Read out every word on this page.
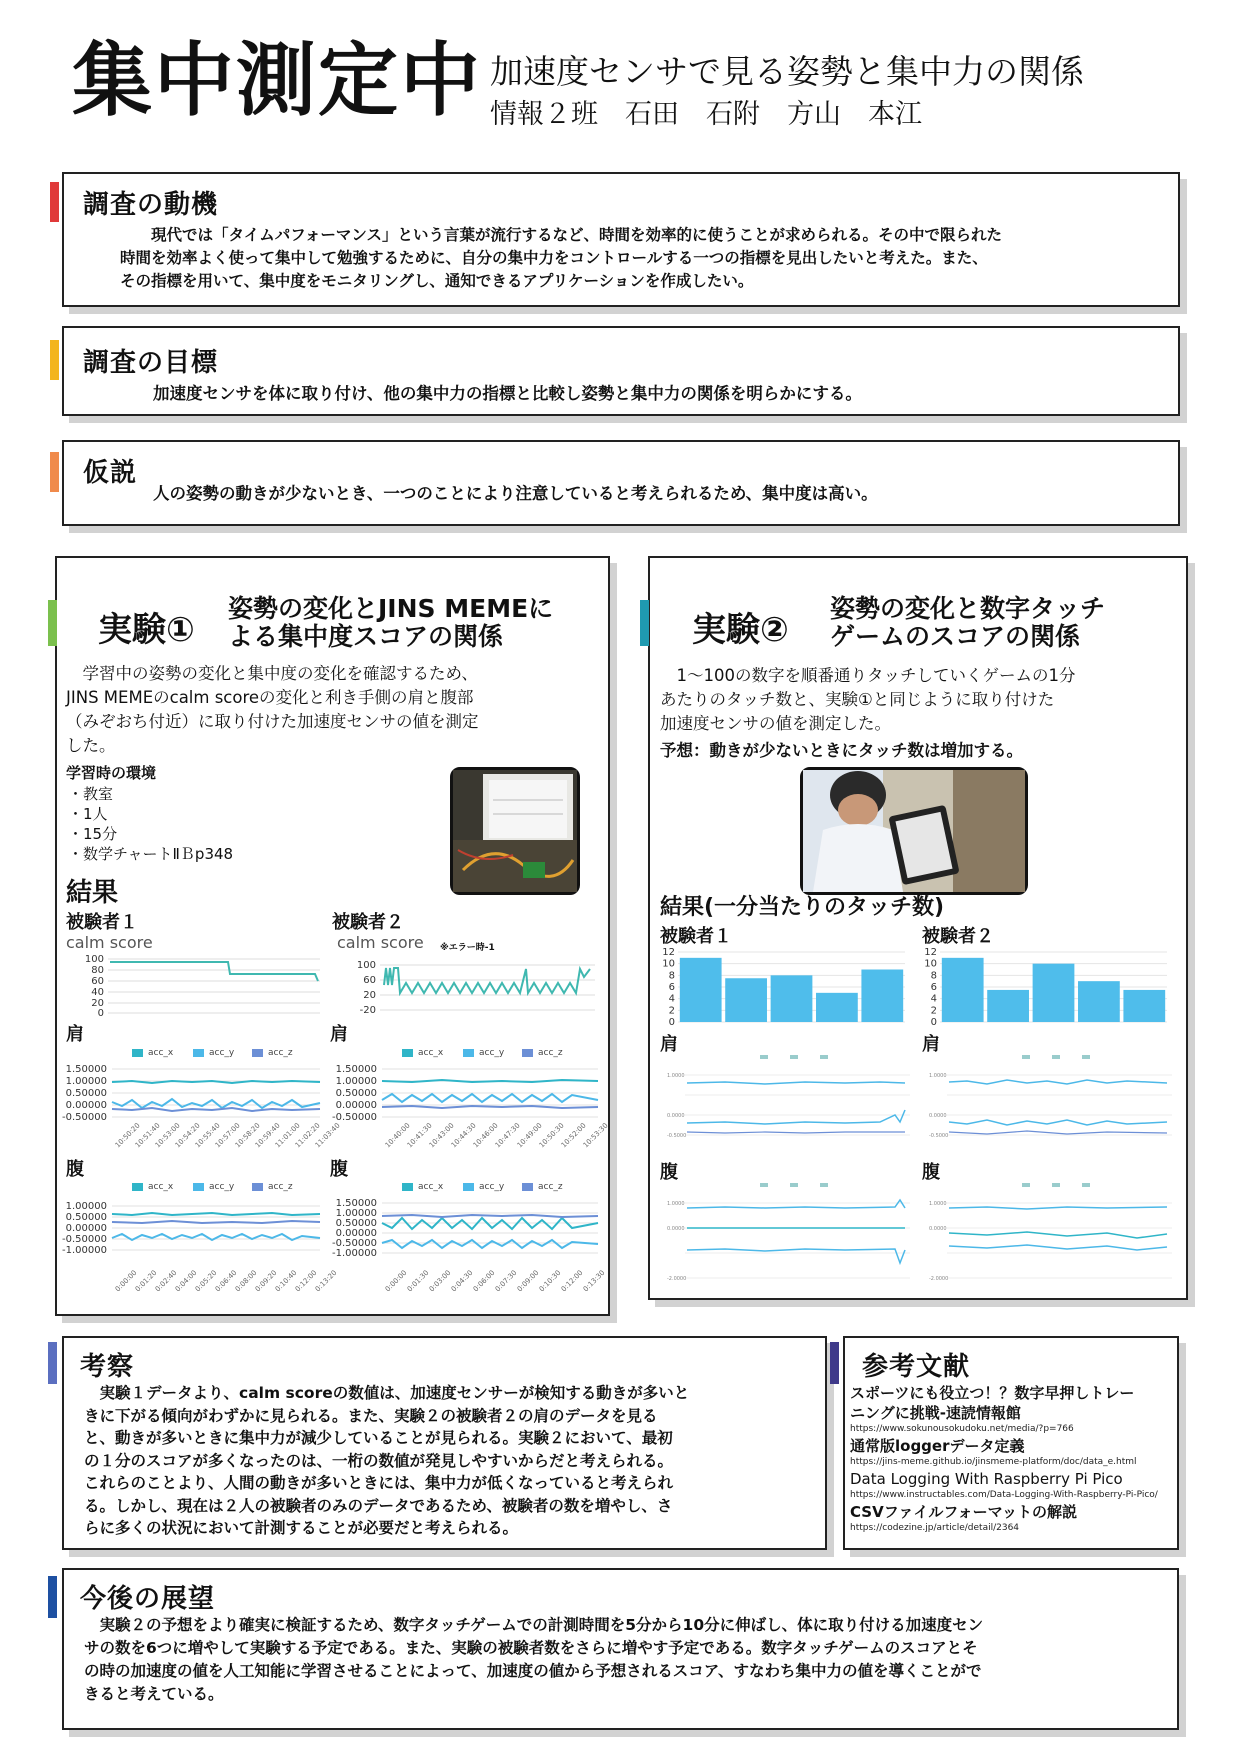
集中測定中 加速度センサで見る姿勢と集中力の関係
情報２班　石田　石附　方山　本江
調査の動機
　　現代では「タイムパフォーマンス」という言葉が流行するなど、時間を効率的に使うことが求められる。その中で限られた
時間を効率よく使って集中して勉強するために、自分の集中力をコントロールする一つの指標を見出したいと考えた。また、
その指標を用いて、集中度をモニタリングし、通知できるアプリケーションを作成したい。
調査の目標
　　加速度センサを体に取り付け、他の集中力の指標と比較し姿勢と集中力の関係を明らかにする。
仮説
　　人の姿勢の動きが少ないとき、一つのことにより注意していると考えられるため、集中度は高い。
実験①
姿勢の変化とJINS MEMEに
よる集中度スコアの関係
　学習中の姿勢の変化と集中度の変化を確認するため、
JINS MEMEのcalm scoreの変化と利き手側の肩と腹部
（みぞおち付近）に取り付けた加速度センサの値を測定
した。
学習時の環境
・教室
・1人
・15分
・数学チャートⅡＢp348
結果
被験者１	被験者２
calm score	calm score ※エラー時-1
100
80
60
40
20
0
100
60
20
-20
肩	肩
acc_x	acc_y	acc_z	acc_x	acc_y	acc_z
1.50000
1.00000
0.50000
0.00000
-0.50000
10:50:20
10:51:40
10:53:00
10:54:20
10:55:40
10:57:00
10:58:20
10:59:40
11:01:00
11:02:20
11:03:40
1.50000
1.00000
0.50000
0.00000
-0.50000
10:40:00
10:41:30
10:43:00
10:44:30
10:46:00
10:47:30
10:49:00
10:50:30
10:52:00
10:53:30
腹	腹
acc_x	acc_y	acc_z	acc_x	acc_y	acc_z
1.00000
0.50000
0.00000
-0.50000
-1.00000
0:00:00
0:01:20
0:02:40
0:04:00
0:05:20
0:06:40
0:08:00
0:09:20
0:10:40
0:12:00
0:13:20
1.50000
1.00000
0.50000
0.00000
-0.50000
-1.00000
0:00:00
0:01:30
0:03:00
0:04:30
0:06:00
0:07:30
0:09:00
0:10:30
0:12:00
0:13:30
実験②
姿勢の変化と数字タッチ
ゲームのスコアの関係
　1〜100の数字を順番通りタッチしていくゲームの1分
あたりのタッチ数と、実験①と同じように取り付けた
加速度センサの値を測定した。
予想：動きが少ないときにタッチ数は増加する。
結果(一分当たりのタッチ数)
被験者１	被験者２
12
10
8
6
4
2
0
12
10
8
6
4
2
0
肩	肩
1.0000
0.0000
-0.5000
1.0000
0.0000
-0.5000
腹	腹
1.0000
0.0000
-2.0000
1.0000
0.0000
-2.0000
考察
　実験１データより、calm scoreの数値は、加速度センサーが検知する動きが多いと
きに下がる傾向がわずかに見られる。また、実験２の被験者２の肩のデータを見る
と、動きが多いときに集中力が減少していることが見られる。実験２において、最初
の１分のスコアが多くなったのは、一桁の数値が発見しやすいからだと考えられる。
これらのことより、人間の動きが多いときには、集中力が低くなっていると考えられ
る。しかし、現在は２人の被験者のみのデータであるため、被験者の数を増やし、さ
らに多くの状況において計測することが必要だと考えられる。
参考文献
スポーツにも役立つ！？数字早押しトレー
ニングに挑戦-速読情報館
https://www.sokunousokudoku.net/media/?p=766
通常版loggerデータ定義
https://jins-meme.github.io/jinsmeme-platform/doc/data_e.html
Data Logging With Raspberry Pi Pico
https://www.instructables.com/Data-Logging-With-Raspberry-Pi-Pico/
CSVファイルフォーマットの解説
https://codezine.jp/article/detail/2364
今後の展望
　実験２の予想をより確実に検証するため、数字タッチゲームでの計測時間を5分から10分に伸ばし、体に取り付ける加速度セン
サの数を6つに増やして実験する予定である。また、実験の被験者数をさらに増やす予定である。数字タッチゲームのスコアとそ
の時の加速度の値を人工知能に学習させることによって、加速度の値から予想されるスコア、すなわち集中力の値を導くことがで
きると考えている。
